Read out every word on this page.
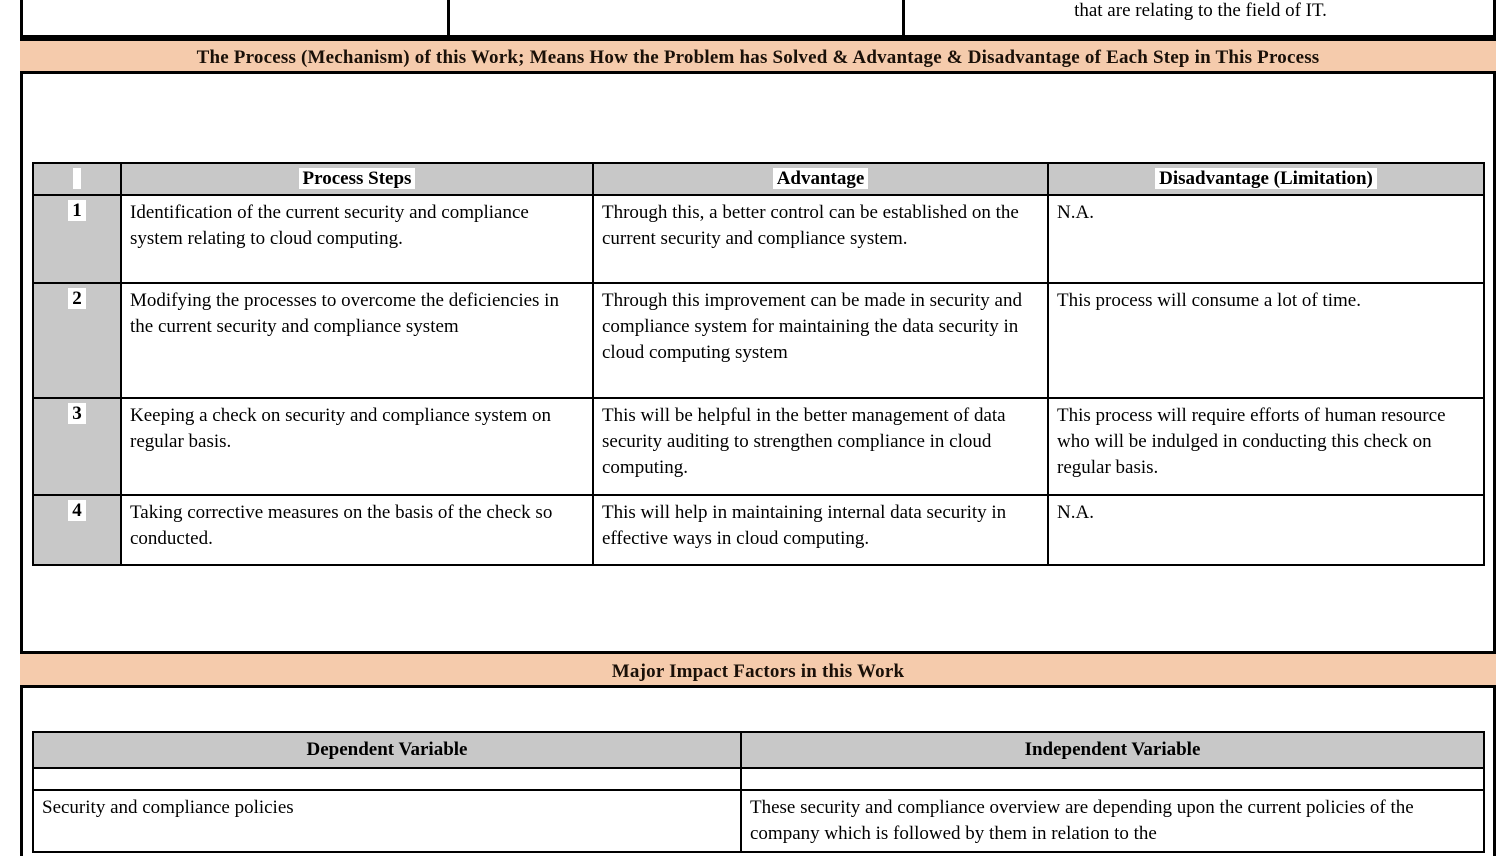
that are relating to the field of IT.
The Process (Mechanism) of this Work; Means How the Problem has Solved & Advantage & Disadvantage of Each Step in This Process
	Process Steps	Advantage	Disadvantage (Limitation)
1	Identification of the current security and compliance system relating to cloud computing.	Through this, a better control can be established on the current security and compliance system.	N.A.
2	Modifying the processes to overcome the deficiencies in the current security and compliance system	Through this improvement can be made in security and compliance system for maintaining the data security in cloud computing system	This process will consume a lot of time.
3	Keeping a check on security and compliance system on regular basis.	This will be helpful in the better management of data security auditing to strengthen compliance in cloud computing.	This process will require efforts of human resource who will be indulged in conducting this check on regular basis.
4	Taking corrective measures on the basis of the check so conducted.	This will help in maintaining internal data security in effective ways in cloud computing.	N.A.
Major Impact Factors in this Work
Dependent Variable	Independent Variable

Security and compliance policies	These security and compliance overview are depending upon the current policies of the company which is followed by them in relation to the
